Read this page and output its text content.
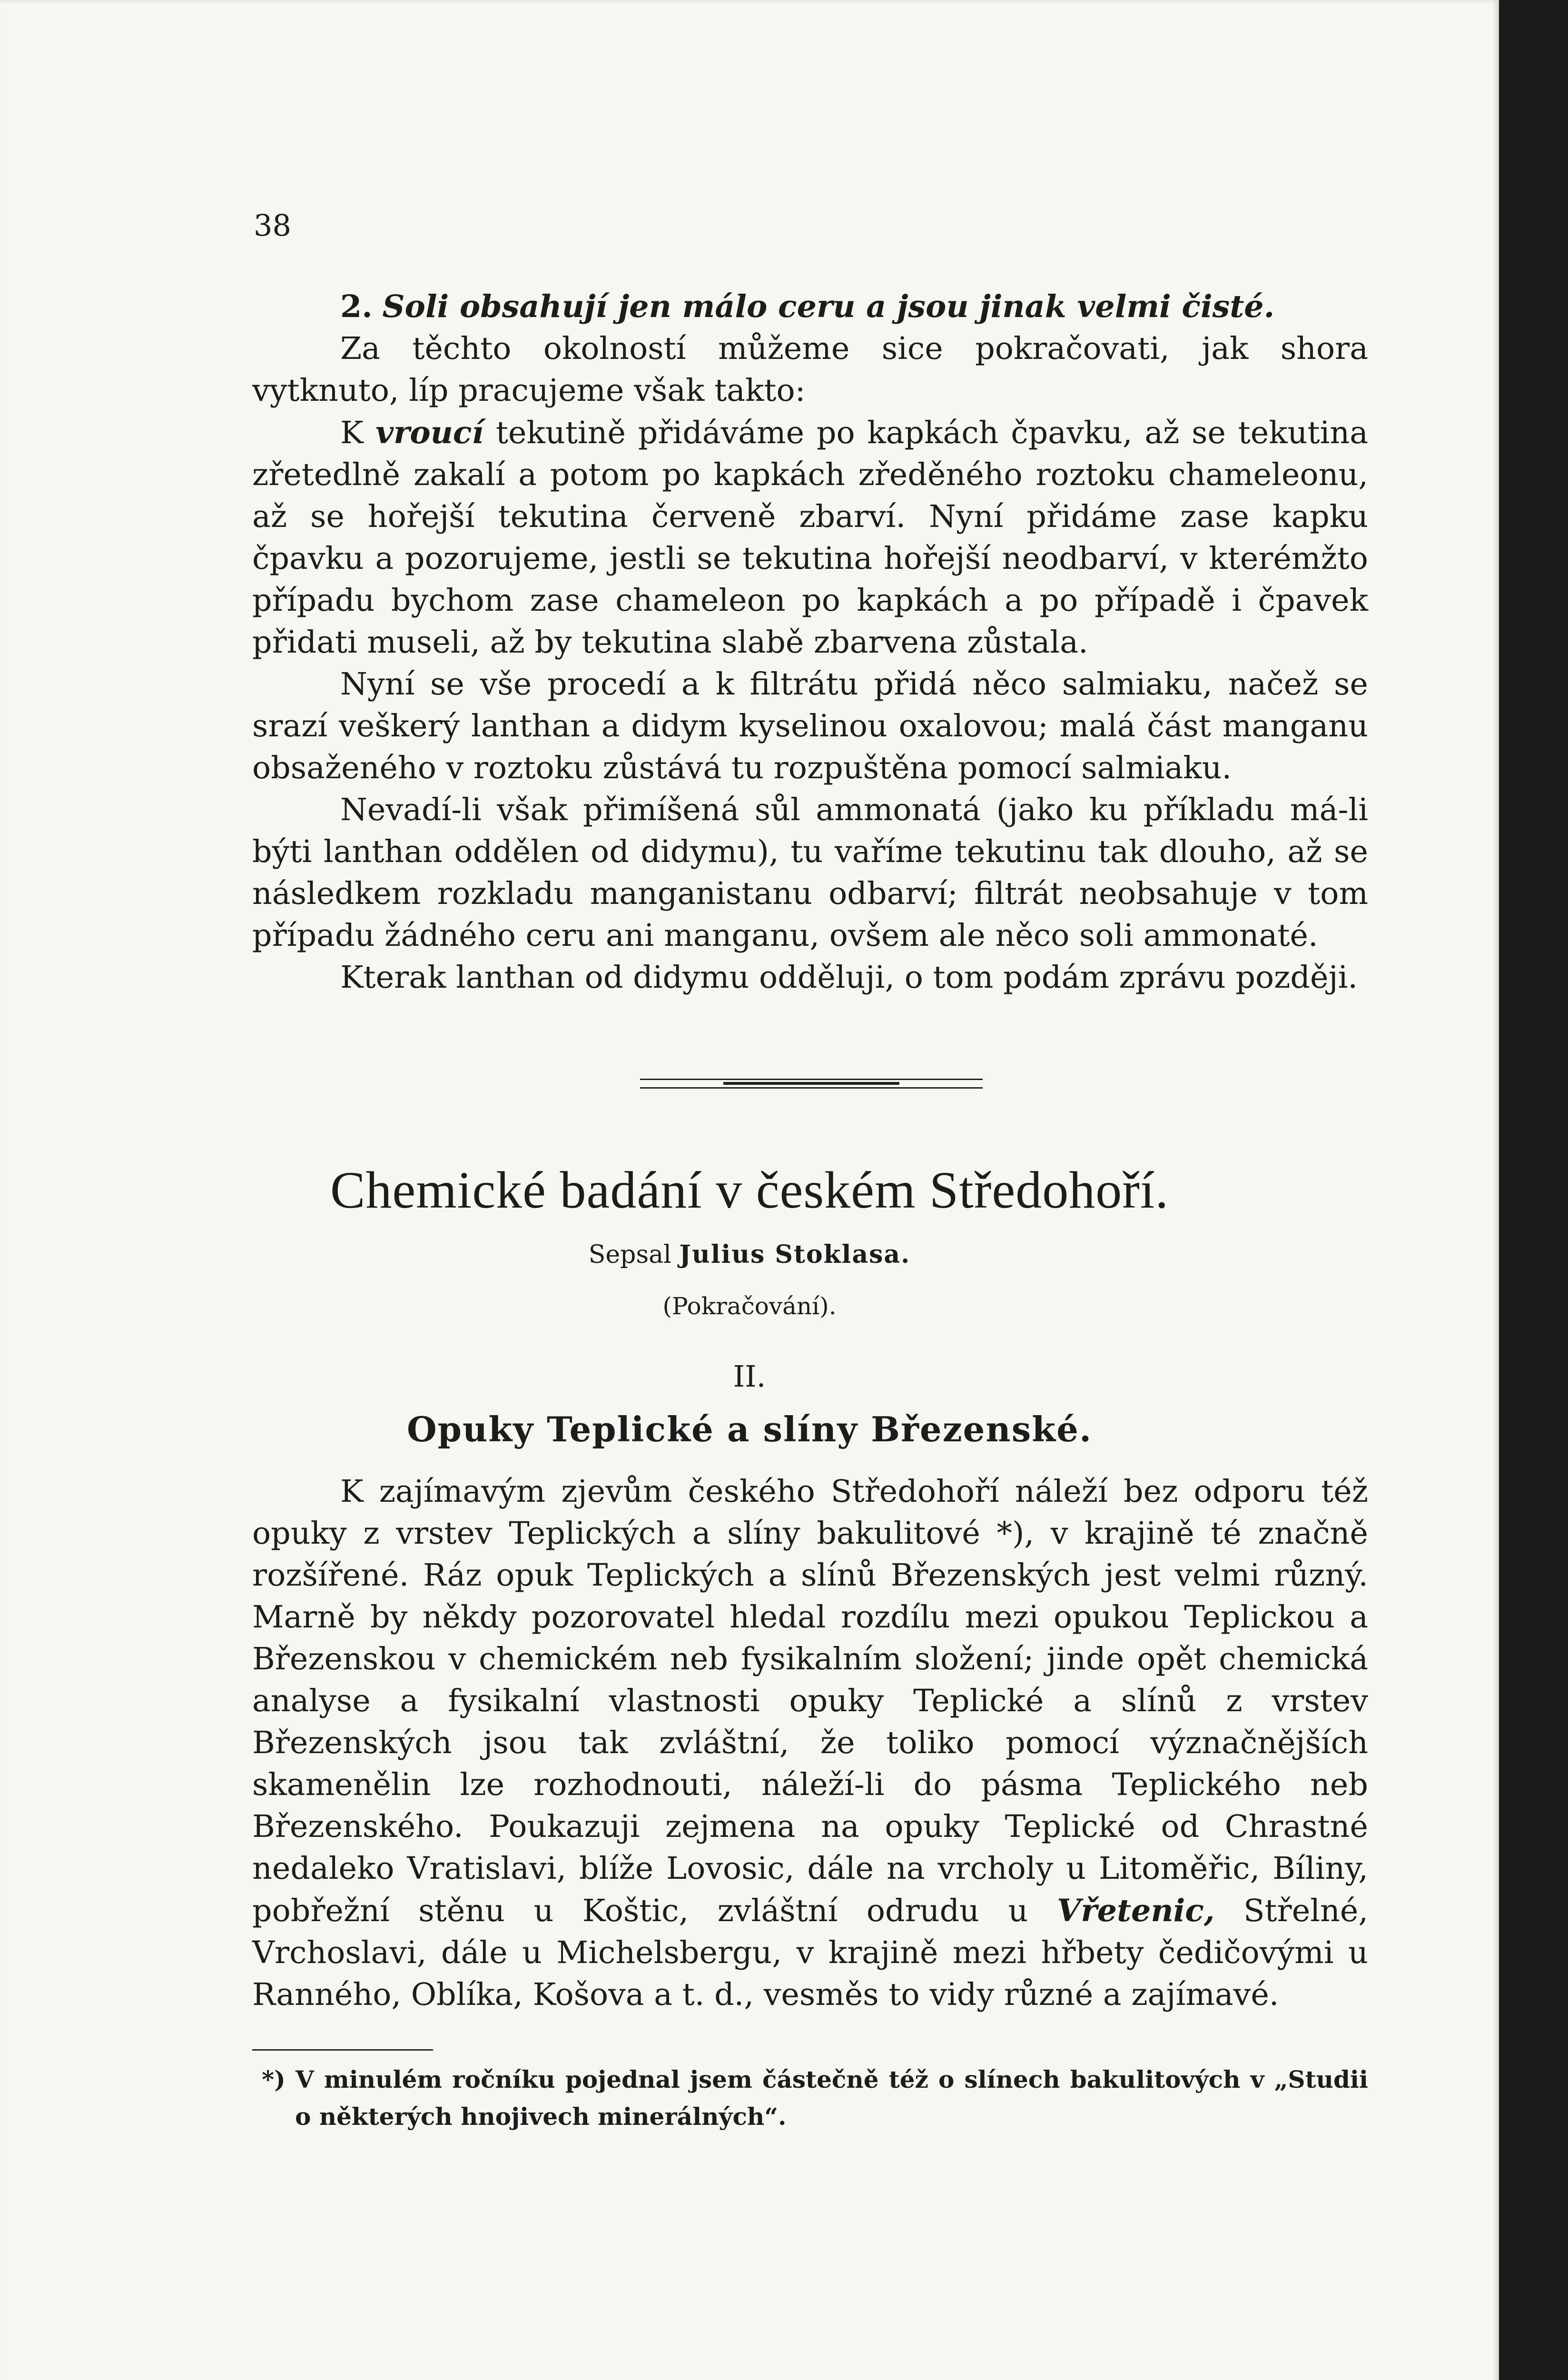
38

2. Soli obsahují jen málo ceru a jsou jinak velmi čisté.

Za těchto okolností můžeme sice pokračovati, jak shora vytknuto, líp pracujeme však takto:

K vroucí tekutině přidáváme po kapkách čpavku, až se tekutina zřetedlně zakalí a potom po kapkách zředěného roztoku chameleonu, až se hořejší tekutina červeně zbarví. Nyní přidáme zase kapku čpavku a pozorujeme, jestli se tekutina hořejší neodbarví, v kterémžto případu bychom zase chameleon po kapkách a po případě i čpavek přidati museli, až by tekutina slabě zbarvena zůstala.

Nyní se vše procedí a k filtrátu přidá něco salmiaku, načež se srazí veškerý lanthan a didym kyselinou oxalovou; malá část manganu obsaženého v roztoku zůstává tu rozpuštěna pomocí salmiaku.

Nevadí-li však přimíšená sůl ammonatá (jako ku příkladu má-li býti lanthan oddělen od didymu), tu vaříme tekutinu tak dlouho, až se následkem rozkladu manganistanu odbarví; filtrát neobsahuje v tom případu žádného ceru ani manganu, ovšem ale něco soli ammonaté.

Kterak lanthan od didymu odděluji, o tom podám zprávu později.

Chemické badání v českém Středohoří.
Sepsal Julius Stoklasa.
(Pokračování).
II.
Opuky Teplické a slíny Březenské.

K zajímavým zjevům českého Středohoří náleží bez odporu též opuky z vrstev Teplických a slíny bakulitové *), v krajině té značně rozšířené. Ráz opuk Teplických a slínů Březenských jest velmi různý. Marně by někdy pozorovatel hledal rozdílu mezi opukou Teplickou a Březenskou v chemickém neb fysikalním složení; jinde opět chemická analyse a fysikalní vlastnosti opuky Teplické a slínů z vrstev Březenských jsou tak zvláštní, že toliko pomocí význačnějších skamenělin lze rozhodnouti, náleží-li do pásma Teplického neb Březenského. Poukazuji zejmena na opuky Teplické od Chrastné nedaleko Vratislavi, blíže Lovosic, dále na vrcholy u Litoměřic, Bíliny, pobřežní stěnu u Koštic, zvláštní odrudu u Vřetenic, Střelné, Vrchoslavi, dále u Michelsbergu, v krajině mezi hřbety čedičovými u Ranného, Oblíka, Košova a t. d., vesměs to vidy různé a zajímavé.

*) V minulém ročníku pojednal jsem částečně též o slínech bakulitových v „Studii o některých hnojivech minerálných“.
